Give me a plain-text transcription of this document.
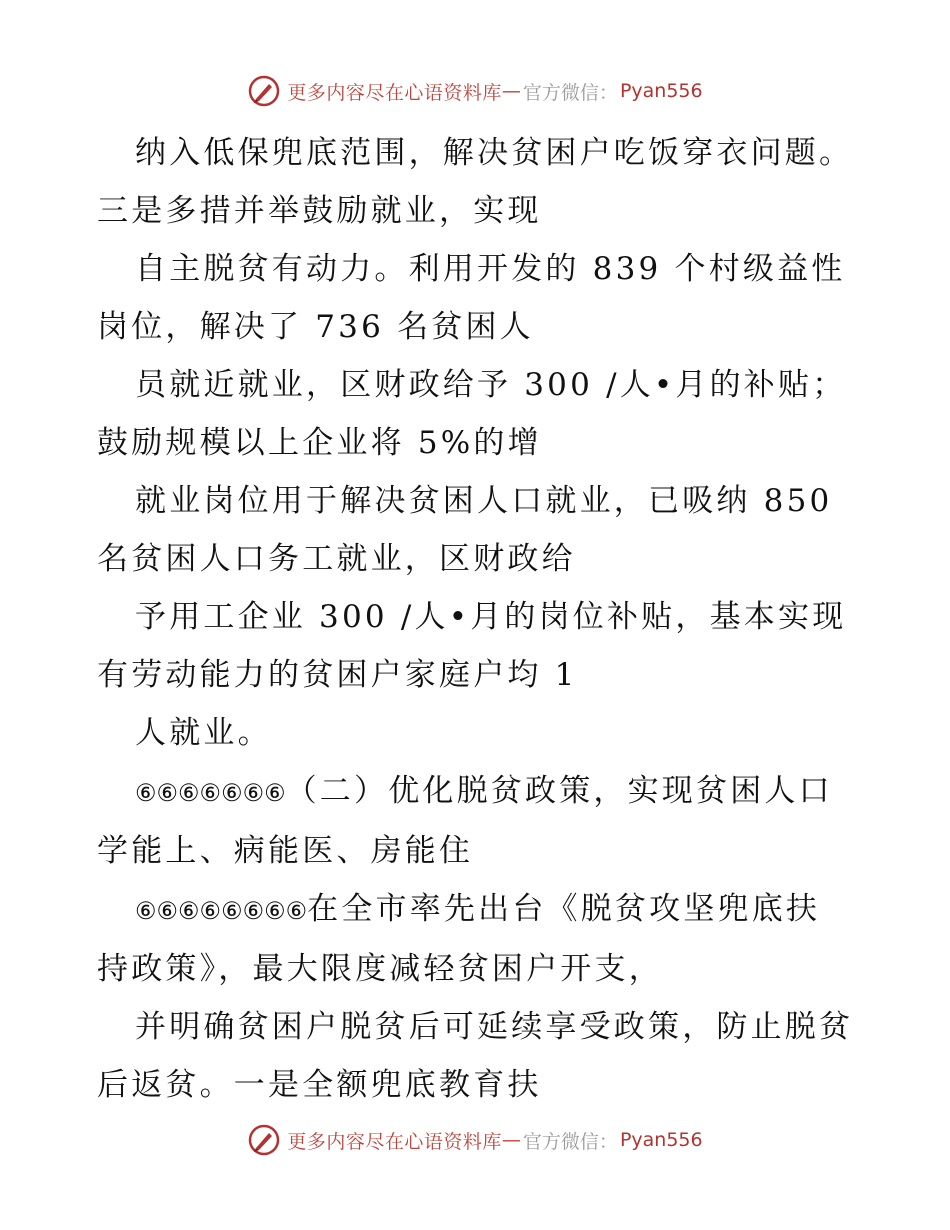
更多内容尽在心语资料库 — 官方微信： Pyan556

纳入低保兜底范围，解决贫困户吃饭穿衣问题。
三是多措并举鼓励就业，实现

自主脱贫有动力。利用开发的 839 个村级益性
岗位，解决了 736 名贫困人

员就近就业，区财政给予 300 /人•月的补贴；
鼓励规模以上企业将 5%的增

就业岗位用于解决贫困人口就业，已吸纳 850
名贫困人口务工就业，区财政给

予用工企业 300 /人•月的岗位补贴，基本实现
有劳动能力的贫困户家庭户均 1

人就业。

⑥⑥⑥⑥⑥⑥⑥（二）优化脱贫政策，实现贫困人口
学能上、病能医、房能住

⑥⑥⑥⑥⑥⑥⑥⑥在全市率先出台《脱贫攻坚兜底扶
持政策》，最大限度减轻贫困户开支，

并明确贫困户脱贫后可延续享受政策，防止脱贫
后返贫。一是全额兜底教育扶

更多内容尽在心语资料库 — 官方微信： Pyan556
